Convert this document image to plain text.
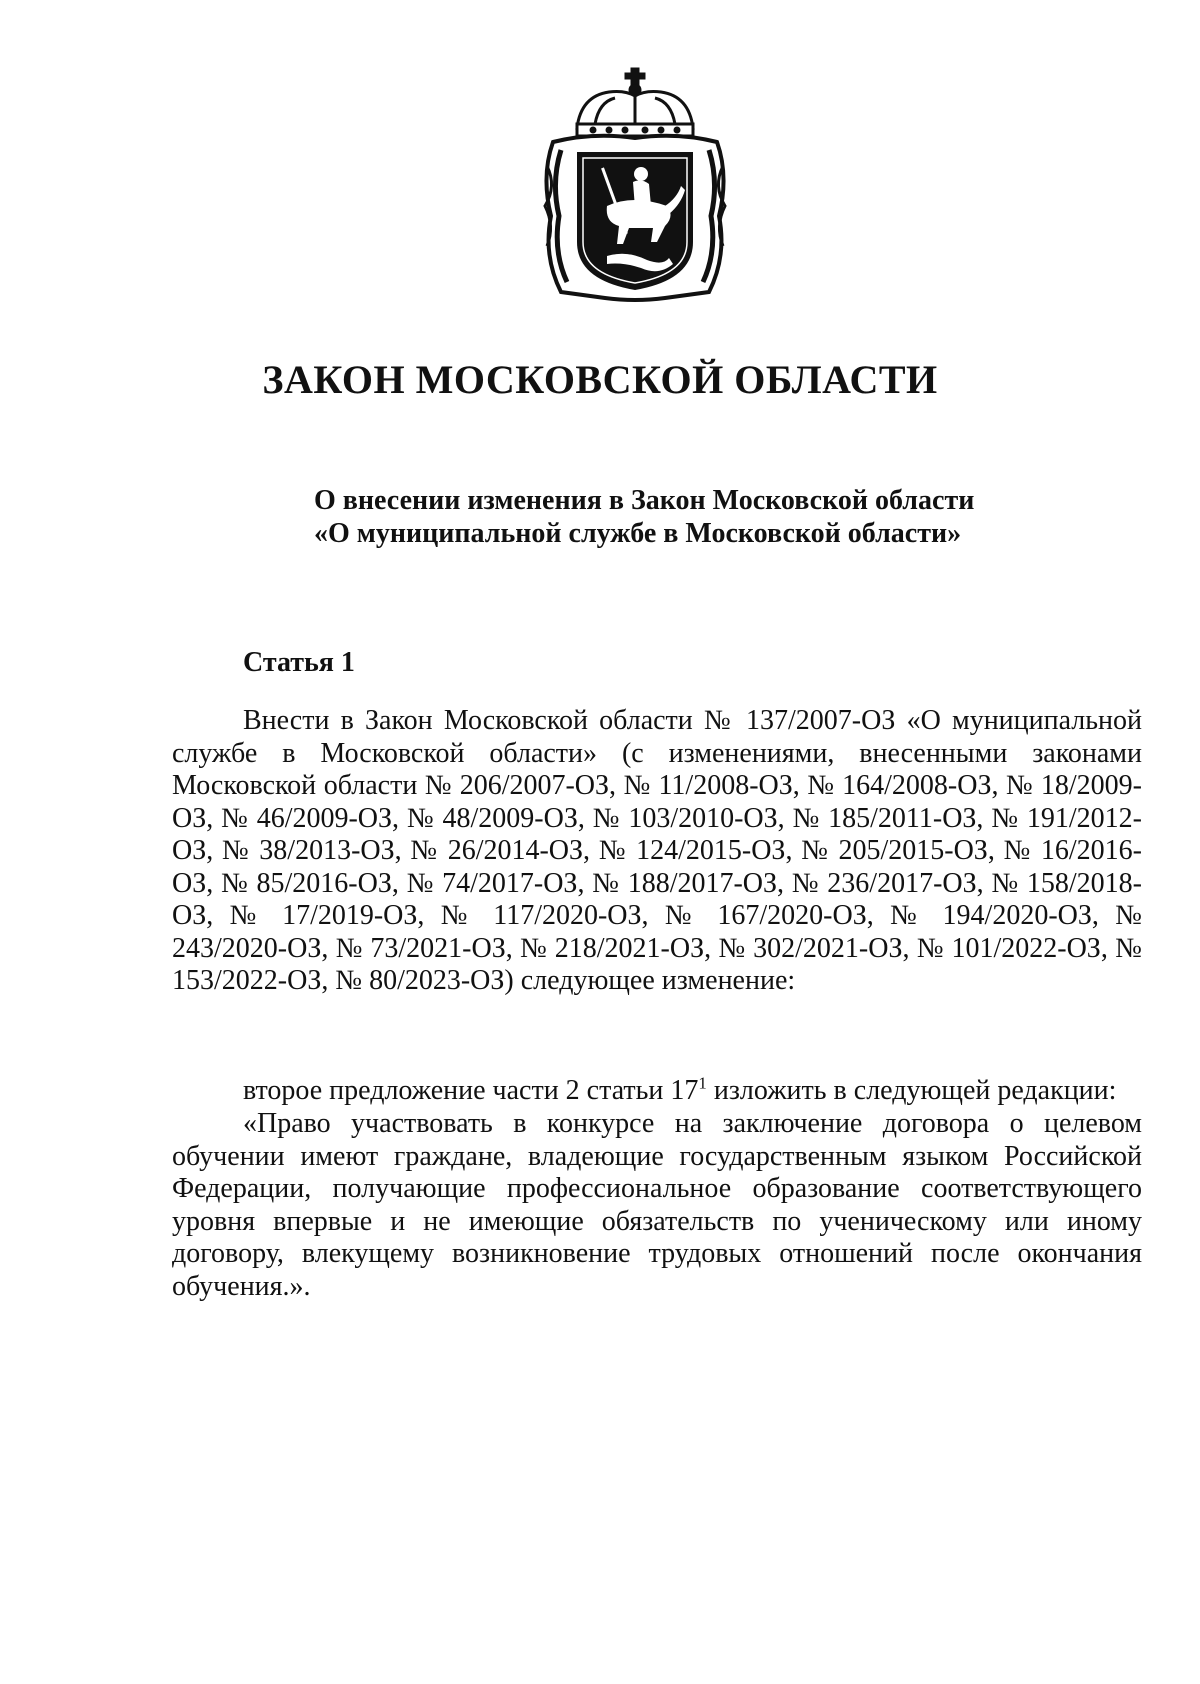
ЗАКОН МОСКОВСКОЙ ОБЛАСТИ
О внесении изменения в Закон Московской области
«О муниципальной службе в Московской области»
Статья 1

Внести в Закон Московской области № 137/2007-ОЗ «О муниципальной службе в Московской области» (с изменениями, внесенными законами Московской области № 206/2007-ОЗ, № 11/2008-ОЗ, № 164/2008-ОЗ, № 18/2009-ОЗ, № 46/2009-ОЗ, № 48/2009-ОЗ, № 103/2010-ОЗ, № 185/2011-ОЗ, № 191/2012-ОЗ, № 38/2013-ОЗ, № 26/2014-ОЗ, № 124/2015-ОЗ, № 205/2015-ОЗ, № 16/2016-ОЗ, № 85/2016-ОЗ, № 74/2017-ОЗ, № 188/2017-ОЗ, № 236/2017-ОЗ, № 158/2018-ОЗ, № 17/2019-ОЗ, № 117/2020-ОЗ, № 167/2020-ОЗ, № 194/2020-ОЗ, № 243/2020-ОЗ, № 73/2021-ОЗ, № 218/2021-ОЗ, № 302/2021-ОЗ, № 101/2022-ОЗ, № 153/2022-ОЗ, № 80/2023-ОЗ) следующее изменение:

второе предложение части 2 статьи $17^1$ изложить в следующей редакции:

«Право участвовать в конкурсе на заключение договора о целевом обучении имеют граждане, владеющие государственным языком Российской Федерации, получающие профессиональное образование соответствующего уровня впервые и не имеющие обязательств по ученическому или иному договору, влекущему возникновение трудовых отношений после окончания обучения.».
